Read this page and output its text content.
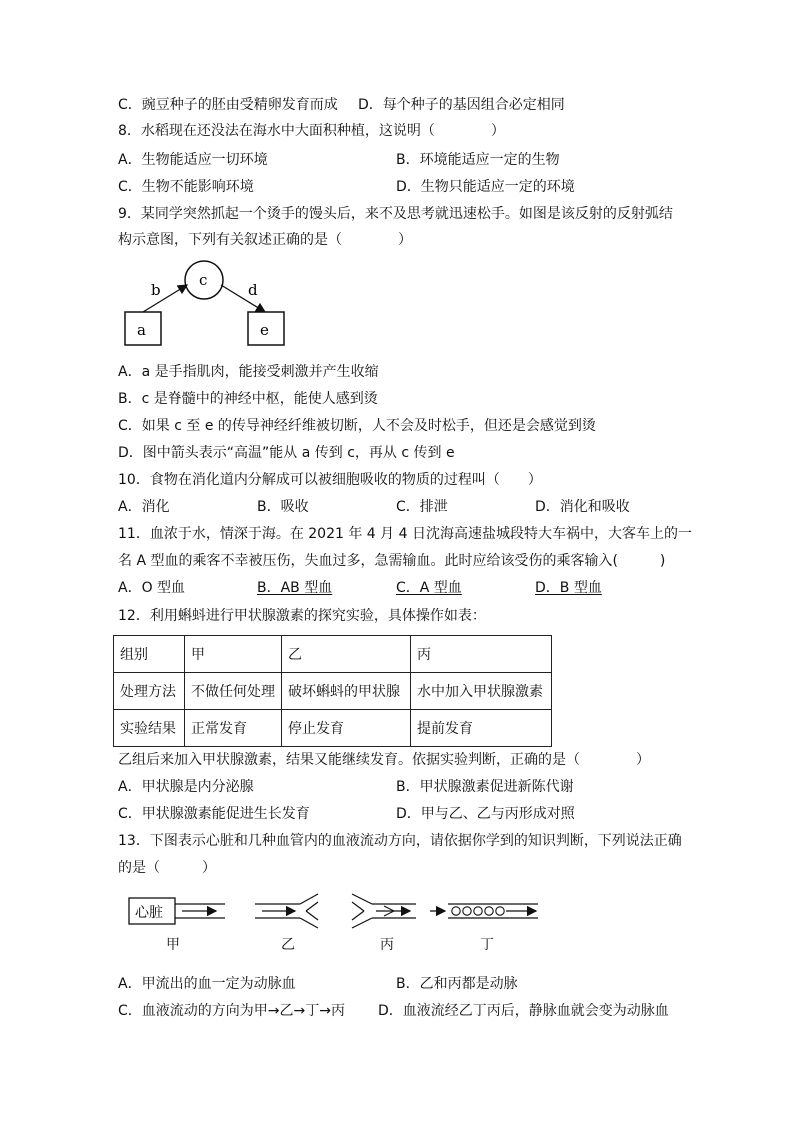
C．豌豆种子的胚由受精卵发育而成 D．每个种子的基因组合必定相同
8．水稻现在还没法在海水中大面积种植，这说明（　　　　）
A．生物能适应一切环境	B．环境能适应一定的生物
C．生物不能影响环境	D．生物只能适应一定的环境
9．某同学突然抓起一个烫手的馒头后，来不及思考就迅速松手。如图是该反射的反射弧结
构示意图，下列有关叙述正确的是（　　　　）
a
b
c
d
e
A．a 是手指肌肉，能接受刺激并产生收缩
B．c 是脊髓中的神经中枢，能使人感到烫
C．如果 c 至 e 的传导神经纤维被切断，人不会及时松手，但还是会感觉到烫
D．图中箭头表示“高温”能从 a 传到 c，再从 c 传到 e
10．食物在消化道内分解成可以被细胞吸收的物质的过程叫（　　）
A．消化	B．吸收	C．排泄	D．消化和吸收
11．血浓于水，情深于海。在 2021 年 4 月 4 日沈海高速盐城段特大车祸中，大客车上的一
名 A 型血的乘客不幸被压伤，失血过多，急需输血。此时应给该受伤的乘客输入(　　　)
A．O 型血	B．AB 型血	C．A 型血	D．B 型血
12．利用蝌蚪进行甲状腺激素的探究实验，具体操作如表：
组别	甲	乙	丙
处理方法	不做任何处理	破坏蝌蚪的甲状腺	水中加入甲状腺激素
实验结果	正常发育	停止发育	提前发育
乙组后来加入甲状腺激素，结果又能继续发育。依据实验判断，正确的是（　　　　）
A．甲状腺是内分泌腺	B．甲状腺激素促进新陈代谢
C．甲状腺激素能促进生长发育	D．甲与乙、乙与丙形成对照
13．下图表示心脏和几种血管内的血液流动方向，请依据你学到的知识判断，下列说法正确
的是（　　　）
心脏
甲	乙	丙	丁
A．甲流出的血一定为动脉血	B．乙和丙都是动脉
C．血液流动的方向为甲→乙→丁→丙 D．血液流经乙丁丙后，静脉血就会变为动脉血
